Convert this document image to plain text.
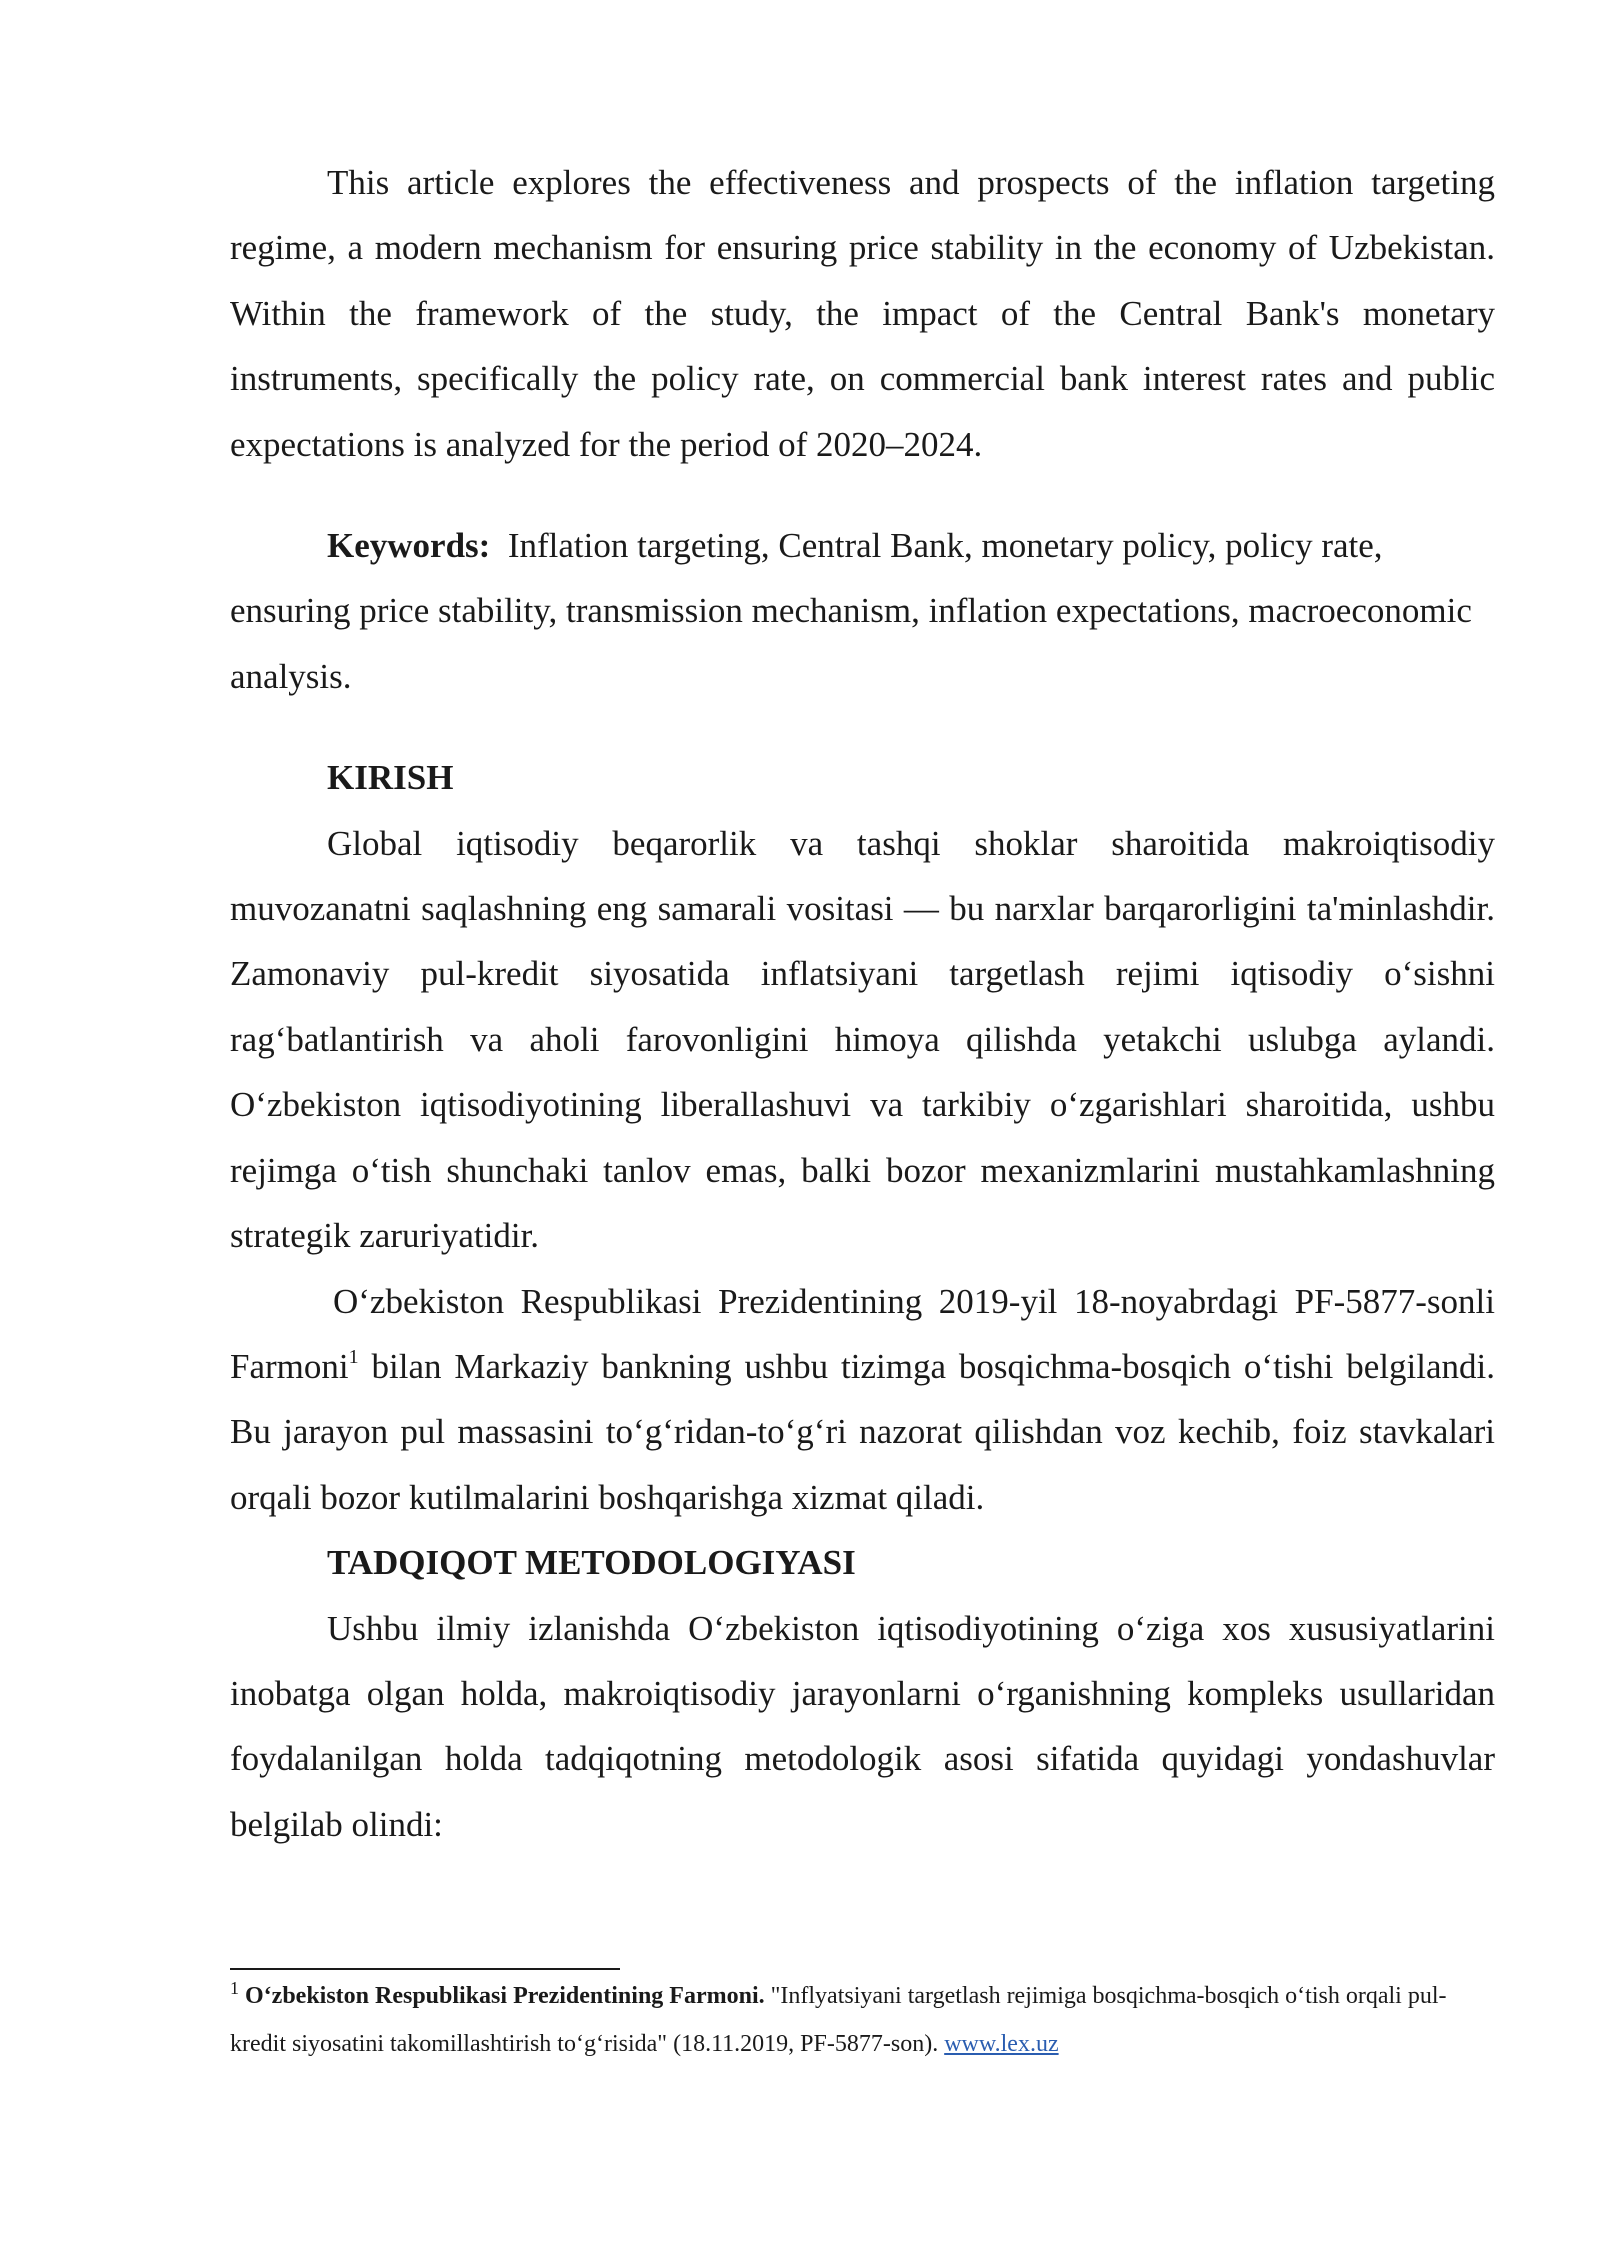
This article explores the effectiveness and prospects of the inflation targeting regime, a modern mechanism for ensuring price stability in the economy of Uzbekistan. Within the framework of the study, the impact of the Central Bank's monetary instruments, specifically the policy rate, on commercial bank interest rates and public expectations is analyzed for the period of 2020–2024.

Keywords: Inflation targeting, Central Bank, monetary policy, policy rate, ensuring price stability, transmission mechanism, inflation expectations, macroeconomic analysis.

KIRISH

Global iqtisodiy beqarorlik va tashqi shoklar sharoitida makroiqtisodiy muvozanatni saqlashning eng samarali vositasi — bu narxlar barqarorligini ta'minlashdir. Zamonaviy pul-kredit siyosatida inflatsiyani targetlash rejimi iqtisodiy oʻsishni ragʻbatlantirish va aholi farovonligini himoya qilishda yetakchi uslubga aylandi. Oʻzbekiston iqtisodiyotining liberallashuvi va tarkibiy oʻzgarishlari sharoitida, ushbu rejimga oʻtish shunchaki tanlov emas, balki bozor mexanizmlarini mustahkamlashning strategik zaruriyatidir.

Oʻzbekiston Respublikasi Prezidentining 2019-yil 18-noyabrdagi PF-5877-sonli Farmoni$^1$ bilan Markaziy bankning ushbu tizimga bosqichma-bosqich oʻtishi belgilandi. Bu jarayon pul massasini toʻgʻridan-toʻgʻri nazorat qilishdan voz kechib, foiz stavkalari orqali bozor kutilmalarini boshqarishga xizmat qiladi.

TADQIQOT METODOLOGIYASI

Ushbu ilmiy izlanishda Oʻzbekiston iqtisodiyotining oʻziga xos xususiyatlarini inobatga olgan holda, makroiqtisodiy jarayonlarni oʻrganishning kompleks usullaridan foydalanilgan holda tadqiqotning metodologik asosi sifatida quyidagi yondashuvlar belgilab olindi:

$^1$ Oʻzbekiston Respublikasi Prezidentining Farmoni. "Inflyatsiyani targetlash rejimiga bosqichma-bosqich oʻtish orqali pul-kredit siyosatini takomillashtirish toʻgʻrisida" (18.11.2019, PF-5877-son). www.lex.uz
